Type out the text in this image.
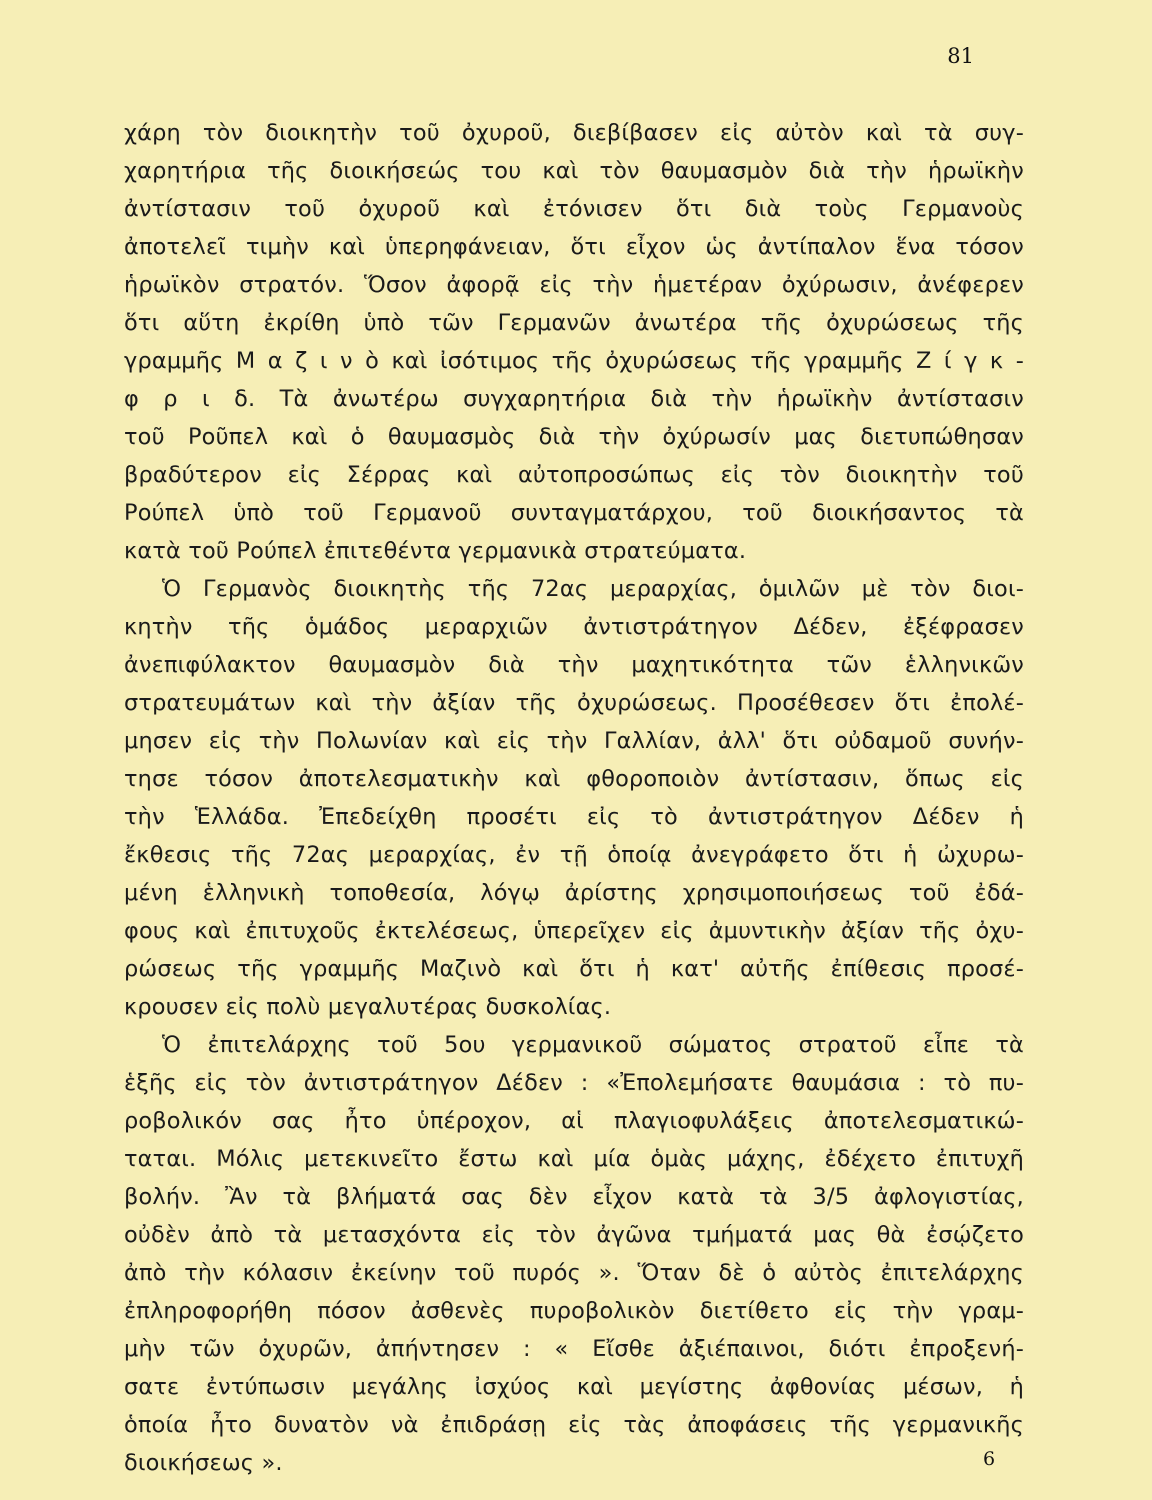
81
χάρη τὸν διοικητὴν τοῦ ὀχυροῦ, διεβίβασεν εἰς αὐτὸν καὶ τὰ συγ-
χαρητήρια τῆς διοικήσεώς του καὶ τὸν θαυμασμὸν διὰ τὴν ἡρωϊκὴν
ἀντίστασιν τοῦ ὀχυροῦ καὶ ἐτόνισεν ὅτι διὰ τοὺς Γερμανοὺς
ἀποτελεῖ τιμὴν καὶ ὑπερηφάνειαν, ὅτι εἶχον ὡς ἀντίπαλον ἕνα τόσον
ἡρωϊκὸν στρατόν. Ὅσον ἀφορᾷ εἰς τὴν ἡμετέραν ὀχύρωσιν, ἀνέφερεν
ὅτι αὕτη ἐκρίθη ὑπὸ τῶν Γερμανῶν ἀνωτέρα τῆς ὀχυρώσεως τῆς
γραμμῆς Μ α ζ ι ν ὸ καὶ ἰσότιμος τῆς ὀχυρώσεως τῆς γραμμῆς Ζ ί γ κ -
φ ρ ι δ. Τὰ ἀνωτέρω συγχαρητήρια διὰ τὴν ἡρωϊκὴν ἀντίστασιν
τοῦ Ροῦπελ καὶ ὁ θαυμασμὸς διὰ τὴν ὀχύρωσίν μας διετυπώθησαν
βραδύτερον εἰς Σέρρας καὶ αὐτοπροσώπως εἰς τὸν διοικητὴν τοῦ
Ρούπελ ὑπὸ τοῦ Γερμανοῦ συνταγματάρχου, τοῦ διοικήσαντος τὰ
κατὰ τοῦ Ρούπελ ἐπιτεθέντα γερμανικὰ στρατεύματα.
Ὁ Γερμανὸς διοικητὴς τῆς 72ας μεραρχίας, ὁμιλῶν μὲ τὸν διοι-
κητὴν τῆς ὁμάδος μεραρχιῶν ἀντιστράτηγον Δέδεν, ἐξέφρασεν
ἀνεπιφύλακτον θαυμασμὸν διὰ τὴν μαχητικότητα τῶν ἑλληνικῶν
στρατευμάτων καὶ τὴν ἀξίαν τῆς ὀχυρώσεως. Προσέθεσεν ὅτι ἐπολέ-
μησεν εἰς τὴν Πολωνίαν καὶ εἰς τὴν Γαλλίαν, ἀλλ' ὅτι οὐδαμοῦ συνήν-
τησε τόσον ἀποτελεσματικὴν καὶ φθοροποιὸν ἀντίστασιν, ὅπως εἰς
τὴν Ἑλλάδα. Ἐπεδείχθη προσέτι εἰς τὸ ἀντιστράτηγον Δέδεν ἡ
ἔκθεσις τῆς 72ας μεραρχίας, ἐν τῇ ὁποίᾳ ἀνεγράφετο ὅτι ἡ ὠχυρω-
μένη ἑλληνικὴ τοποθεσία, λόγῳ ἀρίστης χρησιμοποιήσεως τοῦ ἐδά-
φους καὶ ἐπιτυχοῦς ἐκτελέσεως, ὑπερεῖχεν εἰς ἀμυντικὴν ἀξίαν τῆς ὀχυ-
ρώσεως τῆς γραμμῆς Μαζινὸ καὶ ὅτι ἡ κατ' αὐτῆς ἐπίθεσις προσέ-
κρουσεν εἰς πολὺ μεγαλυτέρας δυσκολίας.
Ὁ ἐπιτελάρχης τοῦ 5ου γερμανικοῦ σώματος στρατοῦ εἶπε τὰ
ἑξῆς εἰς τὸν ἀντιστράτηγον Δέδεν : «Ἐπολεμήσατε θαυμάσια : τὸ πυ-
ροβολικόν σας ἦτο ὑπέροχον, αἱ πλαγιοφυλάξεις ἀποτελεσματικώ-
ταται. Μόλις μετεκινεῖτο ἔστω καὶ μία ὁμὰς μάχης, ἐδέχετο ἐπιτυχῆ
βολήν. Ἂν τὰ βλήματά σας δὲν εἶχον κατὰ τὰ 3/5 ἀφλογιστίας,
οὐδὲν ἀπὸ τὰ μετασχόντα εἰς τὸν ἀγῶνα τμήματά μας θὰ ἐσῴζετο
ἀπὸ τὴν κόλασιν ἐκείνην τοῦ πυρός ». Ὅταν δὲ ὁ αὐτὸς ἐπιτελάρχης
ἐπληροφορήθη πόσον ἀσθενὲς πυροβολικὸν διετίθετο εἰς τὴν γραμ-
μὴν τῶν ὀχυρῶν, ἀπήντησεν : « Εἴσθε ἀξιέπαινοι, διότι ἐπροξενή-
σατε ἐντύπωσιν μεγάλης ἰσχύος καὶ μεγίστης ἀφθονίας μέσων, ἡ
ὁποία ἦτο δυνατὸν νὰ ἐπιδράσῃ εἰς τὰς ἀποφάσεις τῆς γερμανικῆς
διοικήσεως ».	6
